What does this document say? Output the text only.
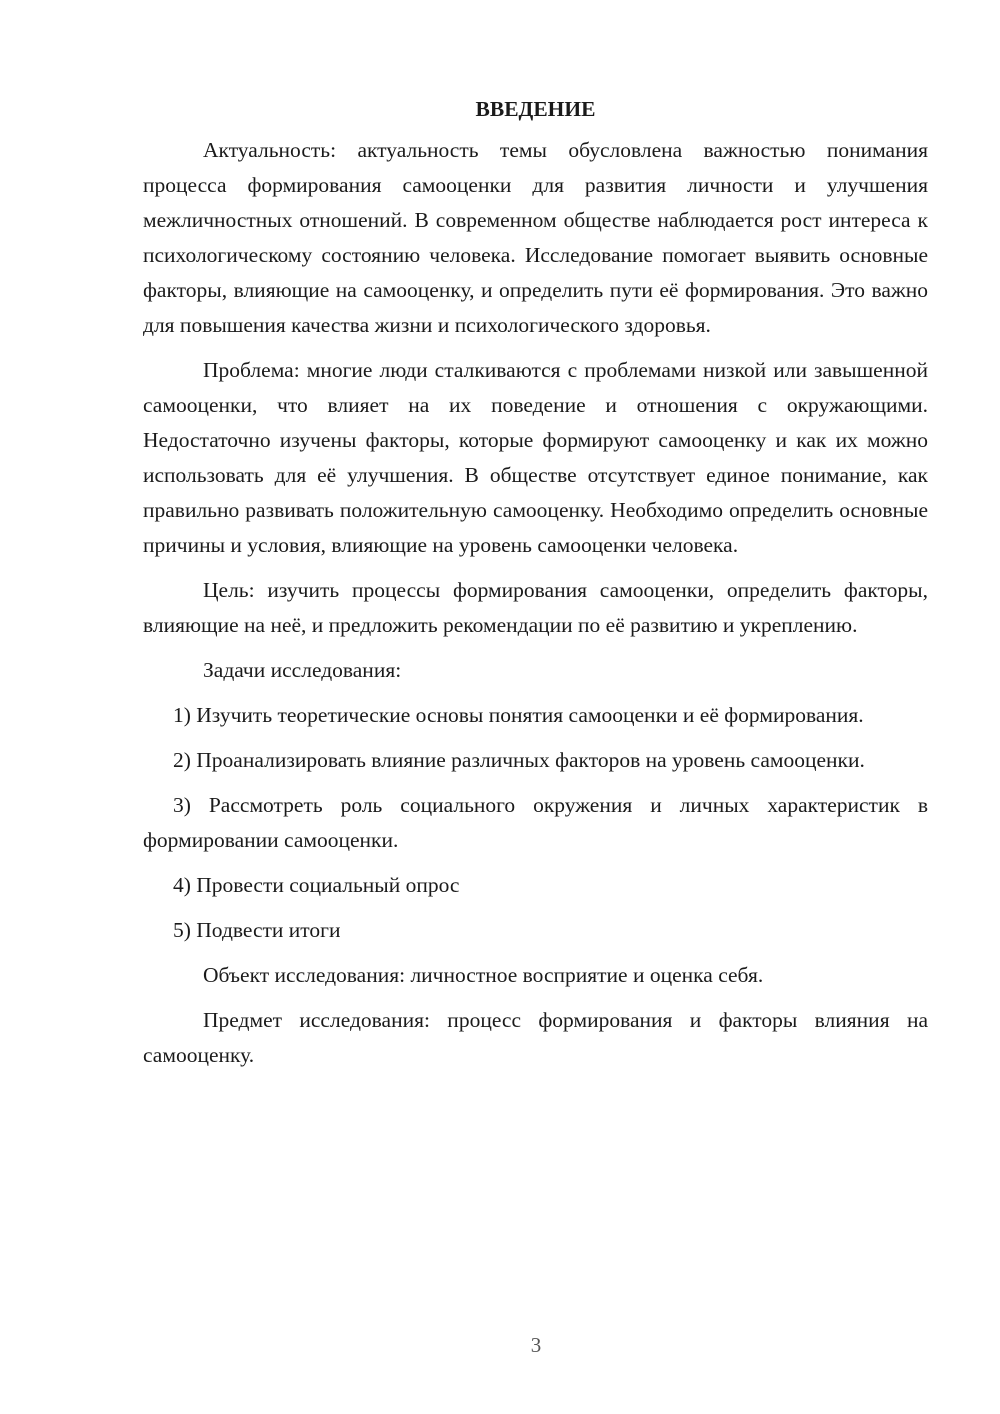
ВВЕДЕНИЕ

Актуальность: актуальность темы обусловлена важностью понимания процесса формирования самооценки для развития личности и улучшения межличностных отношений. В современном обществе наблюдается рост интереса к психологическому состоянию человека. Исследование помогает выявить основные факторы, влияющие на самооценку, и определить пути её формирования. Это важно для повышения качества жизни и психологического здоровья.

Проблема: многие люди сталкиваются с проблемами низкой или завышенной самооценки, что влияет на их поведение и отношения с окружающими. Недостаточно изучены факторы, которые формируют самооценку и как их можно использовать для её улучшения. В обществе отсутствует единое понимание, как правильно развивать положительную самооценку. Необходимо определить основные причины и условия, влияющие на уровень самооценки человека.

Цель: изучить процессы формирования самооценки, определить факторы, влияющие на неё, и предложить рекомендации по её развитию и укреплению.

Задачи исследования:

1) Изучить теоретические основы понятия самооценки и её формирования.

2) Проанализировать влияние различных факторов на уровень самооценки.

3) Рассмотреть роль социального окружения и личных характеристик в формировании самооценки.

4) Провести социальный опрос

5) Подвести итоги

Объект исследования: личностное восприятие и оценка себя.

Предмет исследования: процесс формирования и факторы влияния на самооценку.

3
